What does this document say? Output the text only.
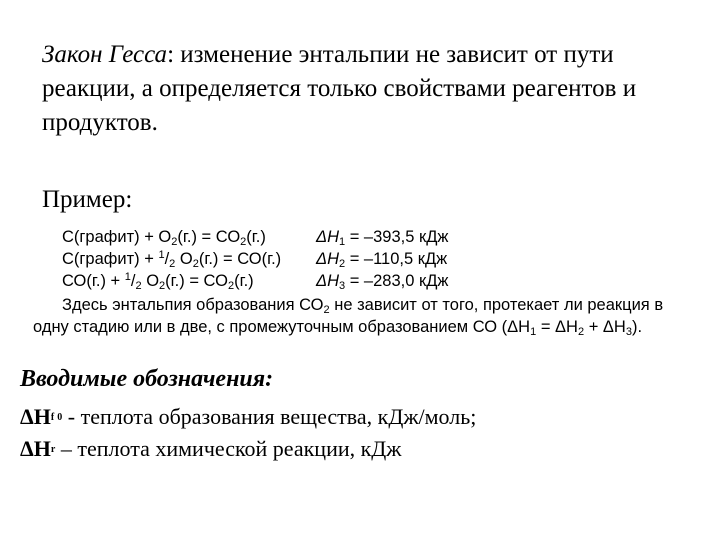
Закон Гесса: изменение энтальпии не зависит от пути реакции, а определяется только свойствами реагентов и продуктов.
Пример:
С(графит) + $O_2(г.) = СО_2(г.)$	$\Delta H_1 = -393,5$ кДж
С(графит) + $^1/_2$ $O_2(г.) = СО(г.) \Delta H_2 = -110,5$ кДж
$СО(г.) + ^1/_2$ $O_2(г.) = СО_2(г.)$	$\Delta H_3 = -283,0$ кДж
Здесь энтальпия образования $СО_2$ не зависит от того, протекает ли реакция в
одну стадию или в две, с промежуточным образованием СО $(\Delta H_1 = \Delta H_2 + \Delta H_3)$.
Вводимые обозначения:
ΔHf 0 - теплота образования вещества, кДж/моль;
ΔHr – теплота химической реакции, кДж
